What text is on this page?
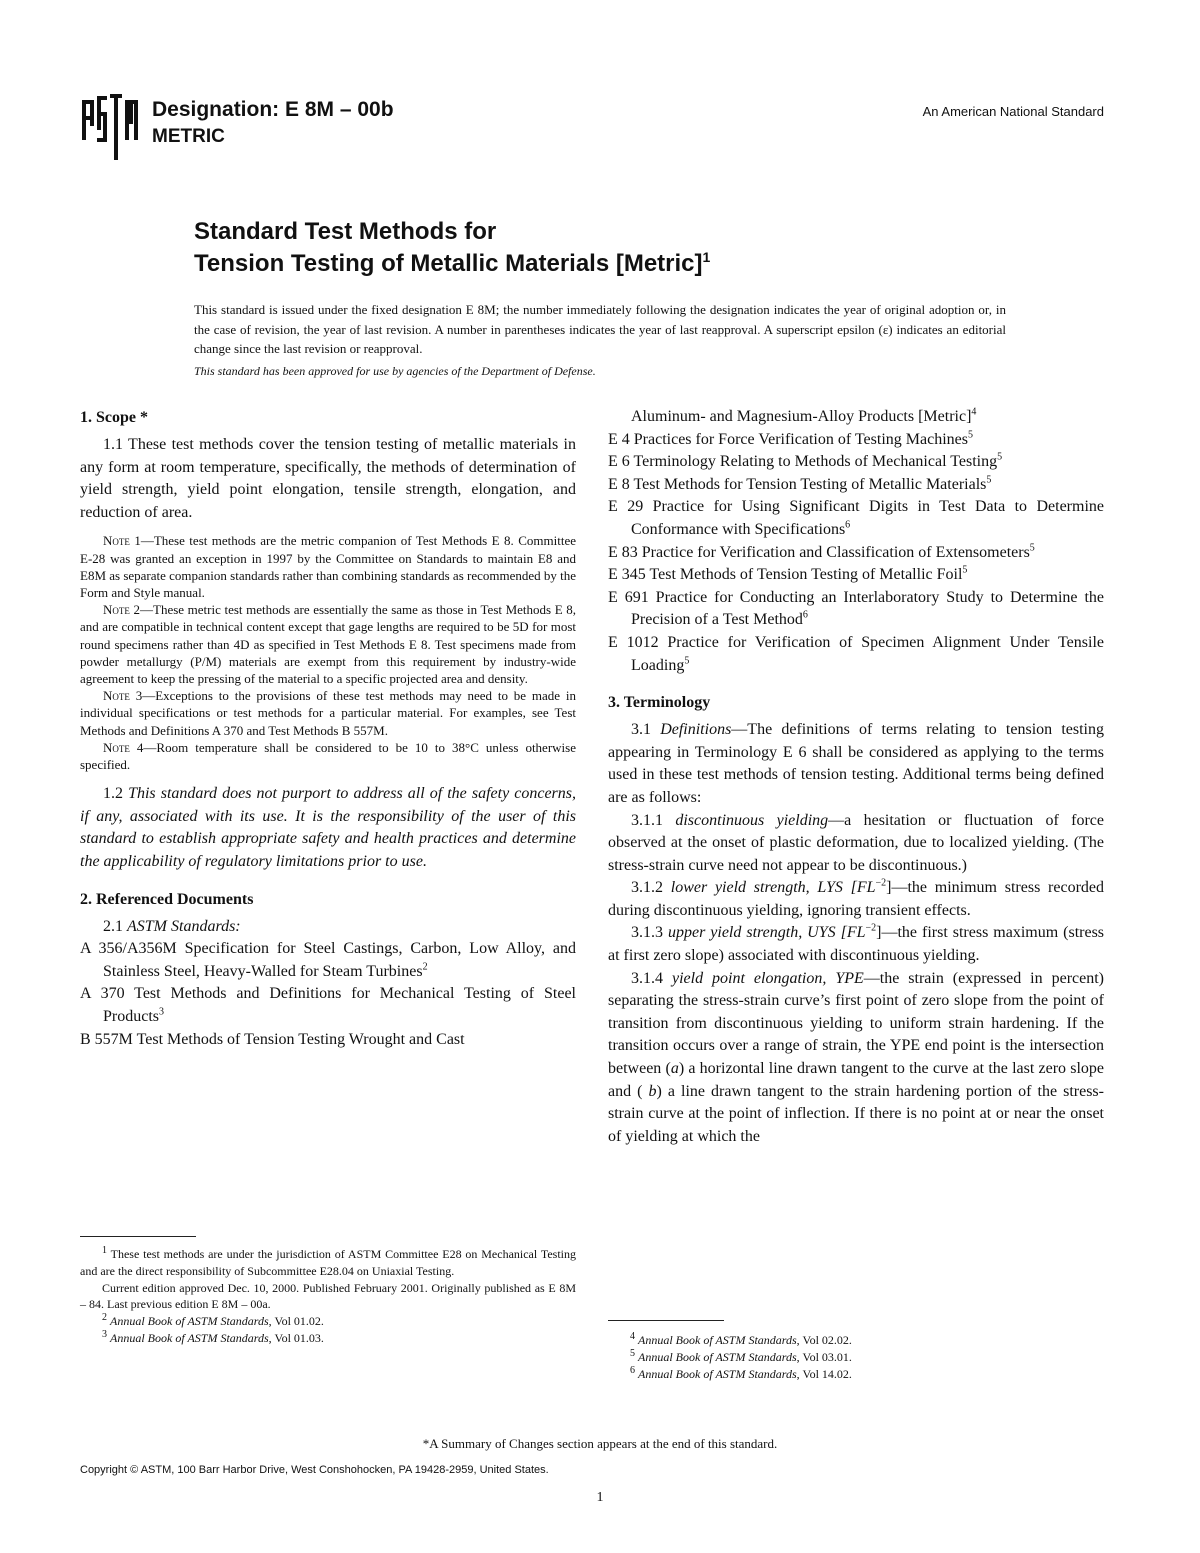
Designation: E 8M – 00b
METRIC
An American National Standard
Standard Test Methods for
Tension Testing of Metallic Materials [Metric]$^1$
This standard is issued under the fixed designation E 8M; the number immediately following the designation indicates the year of original adoption or, in the case of revision, the year of last revision. A number in parentheses indicates the year of last reapproval. A superscript epsilon (ε) indicates an editorial change since the last revision or reapproval.
This standard has been approved for use by agencies of the Department of Defense.
1. Scope *

1.1 These test methods cover the tension testing of metallic materials in any form at room temperature, specifically, the methods of determination of yield strength, yield point elongation, tensile strength, elongation, and reduction of area.

Note 1—These test methods are the metric companion of Test Methods E 8. Committee E-28 was granted an exception in 1997 by the Committee on Standards to maintain E8 and E8M as separate companion standards rather than combining standards as recommended by the Form and Style manual.

Note 2—These metric test methods are essentially the same as those in Test Methods E 8, and are compatible in technical content except that gage lengths are required to be 5D for most round specimens rather than 4D as specified in Test Methods E 8. Test specimens made from powder metallurgy (P/M) materials are exempt from this requirement by industry-wide agreement to keep the pressing of the material to a specific projected area and density.

Note 3—Exceptions to the provisions of these test methods may need to be made in individual specifications or test methods for a particular material. For examples, see Test Methods and Definitions A 370 and Test Methods B 557M.

Note 4—Room temperature shall be considered to be 10 to 38°C unless otherwise specified.

1.2 This standard does not purport to address all of the safety concerns, if any, associated with its use. It is the responsibility of the user of this standard to establish appropriate safety and health practices and determine the applicability of regulatory limitations prior to use.

2. Referenced Documents

2.1 ASTM Standards:

A 356/A356M Specification for Steel Castings, Carbon, Low Alloy, and Stainless Steel, Heavy-Walled for Steam Turbines$^2$

A 370 Test Methods and Definitions for Mechanical Testing of Steel Products$^3$

B 557M Test Methods of Tension Testing Wrought and Cast

$^1$ These test methods are under the jurisdiction of ASTM Committee E28 on Mechanical Testing and are the direct responsibility of Subcommittee E28.04 on Uniaxial Testing.

Current edition approved Dec. 10, 2000. Published February 2001. Originally published as E 8M – 84. Last previous edition E 8M – 00a.

$^2$ Annual Book of ASTM Standards, Vol 01.02.

$^3$ Annual Book of ASTM Standards, Vol 01.03.

Aluminum- and Magnesium-Alloy Products [Metric]$^4$

E 4 Practices for Force Verification of Testing Machines$^5$

E 6 Terminology Relating to Methods of Mechanical Testing$^5$

E 8 Test Methods for Tension Testing of Metallic Materials$^5$

E 29 Practice for Using Significant Digits in Test Data to Determine Conformance with Specifications$^6$

E 83 Practice for Verification and Classification of Extensometers$^5$

E 345 Test Methods of Tension Testing of Metallic Foil$^5$

E 691 Practice for Conducting an Interlaboratory Study to Determine the Precision of a Test Method$^6$

E 1012 Practice for Verification of Specimen Alignment Under Tensile Loading$^5$

3. Terminology

3.1 Definitions—The definitions of terms relating to tension testing appearing in Terminology E 6 shall be considered as applying to the terms used in these test methods of tension testing. Additional terms being defined are as follows:

3.1.1 discontinuous yielding—a hesitation or fluctuation of force observed at the onset of plastic deformation, due to localized yielding. (The stress-strain curve need not appear to be discontinuous.)

3.1.2 lower yield strength, LYS $[FL^{-2}]—the$ minimum stress recorded during discontinuous yielding, ignoring transient effects.

3.1.3 upper yield strength, UYS $[FL^{-2}]—the$ first stress maximum (stress at first zero slope) associated with discontinuous yielding.

3.1.4 yield point elongation, YPE—the strain (expressed in percent) separating the stress-strain curve’s first point of zero slope from the point of transition from discontinuous yielding to uniform strain hardening. If the transition occurs over a range of strain, the YPE end point is the intersection between (a) a horizontal line drawn tangent to the curve at the last zero slope and ( b) a line drawn tangent to the strain hardening portion of the stress-strain curve at the point of inflection. If there is no point at or near the onset of yielding at which the

$^4$ Annual Book of ASTM Standards, Vol 02.02.

$^5$ Annual Book of ASTM Standards, Vol 03.01.

$^6$ Annual Book of ASTM Standards, Vol 14.02.

*A Summary of Changes section appears at the end of this standard.
Copyright © ASTM, 100 Barr Harbor Drive, West Conshohocken, PA 19428-2959, United States.
1
